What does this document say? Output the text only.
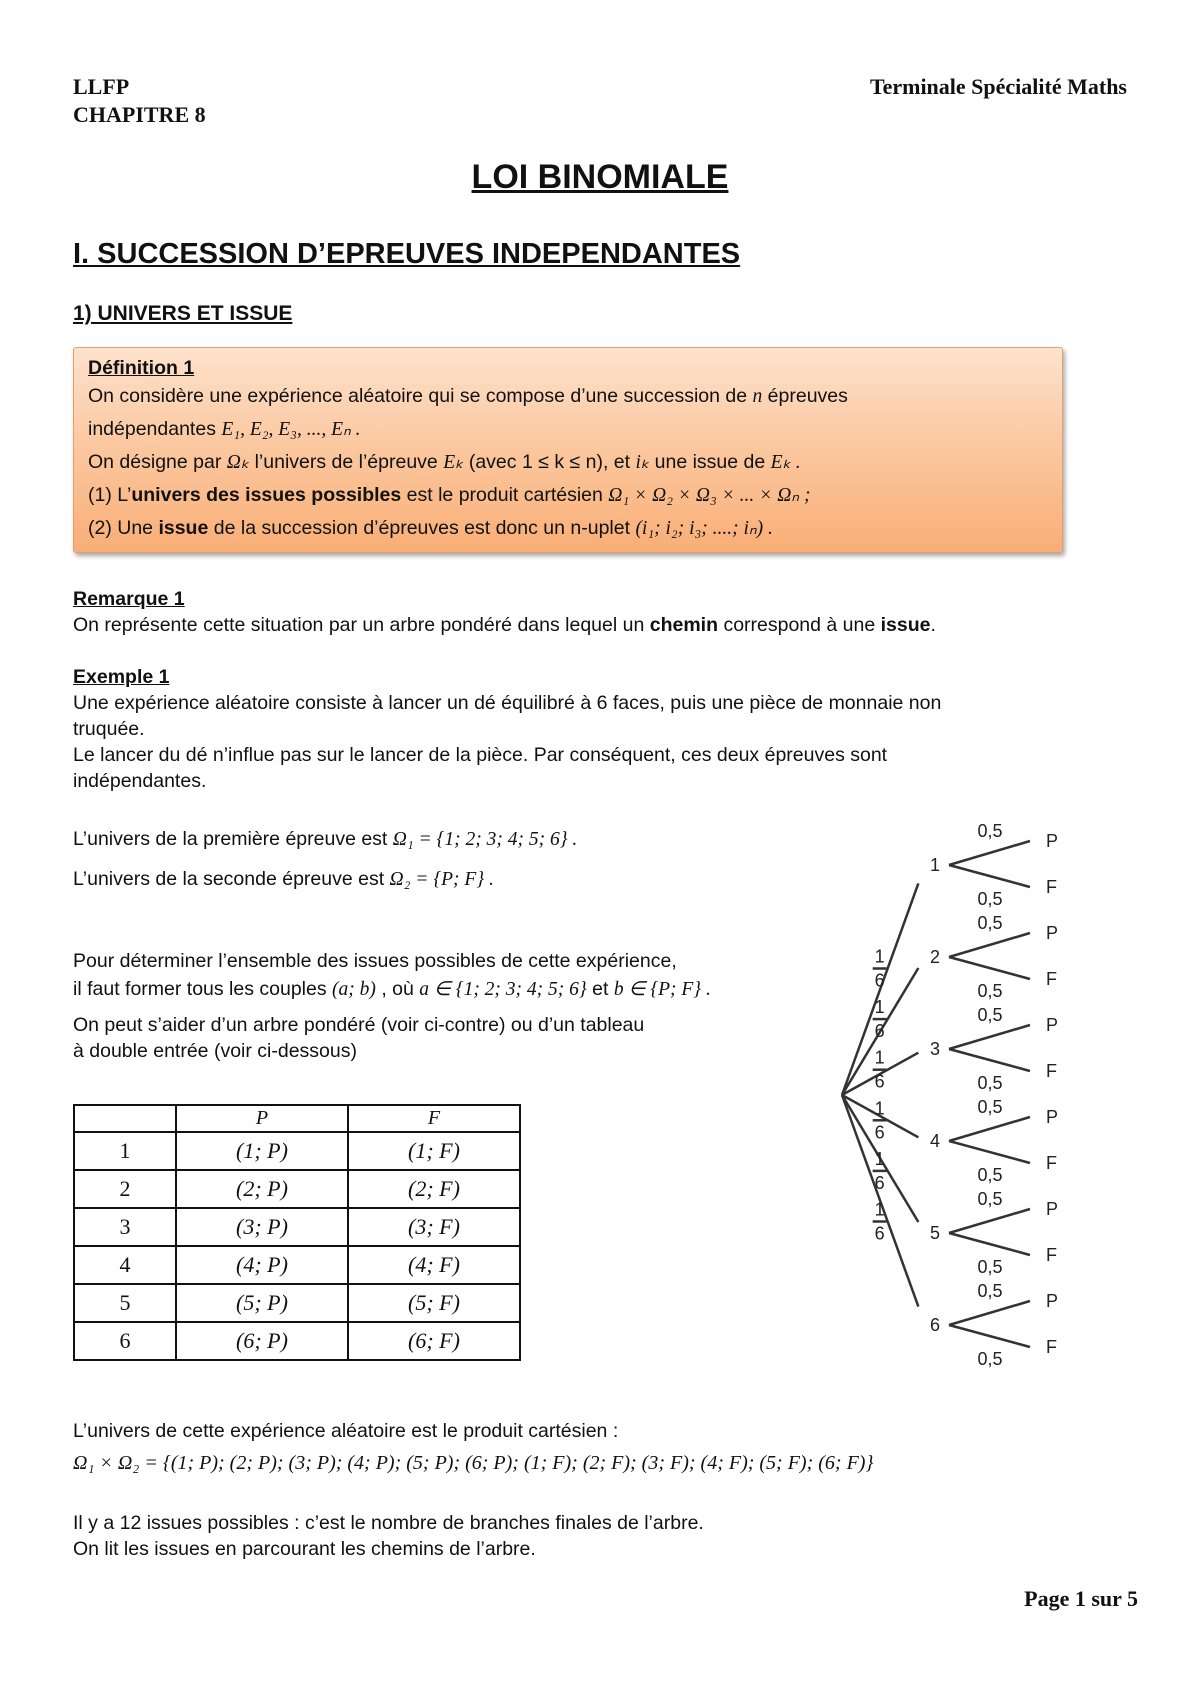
LLFP
CHAPITRE 8
Terminale Spécialité Maths
LOI BINOMIALE
I. SUCCESSION D’EPREUVES INDEPENDANTES
1) UNIVERS ET ISSUE
Définition 1
On considère une expérience aléatoire qui se compose d’une succession de n épreuves
indépendantes E₁, E₂, E₃, ..., Eₙ .
On désigne par Ωₖ l’univers de l’épreuve Eₖ (avec 1 ≤ k ≤ n), et iₖ une issue de Eₖ .
(1) L’univers des issues possibles est le produit cartésien Ω₁ × Ω₂ × Ω₃ × ... × Ωₙ ;
(2) Une issue de la succession d’épreuves est donc un n-uplet (i₁; i₂; i₃; ....; iₙ) .
Remarque 1
On représente cette situation par un arbre pondéré dans lequel un chemin correspond à une issue.
Exemple 1
Une expérience aléatoire consiste à lancer un dé équilibré à 6 faces, puis une pièce de monnaie non
truquée.
Le lancer du dé n’influe pas sur le lancer de la pièce. Par conséquent, ces deux épreuves sont
indépendantes.
L’univers de la première épreuve est Ω₁ = {1; 2; 3; 4; 5; 6} .
L’univers de la seconde épreuve est Ω₂ = {P; F} .
Pour déterminer l’ensemble des issues possibles de cette expérience,
il faut former tous les couples (a; b) , où a ∈ {1; 2; 3; 4; 5; 6} et b ∈ {P; F} .
On peut s’aider d’un arbre pondéré (voir ci-contre) ou d’un tableau
à double entrée (voir ci-dessous)
	P	F
1	(1; P)	(1; F)
2	(2; P)	(2; F)
3	(3; P)	(3; F)
4	(4; P)	(4; F)
5	(5; P)	(5; F)
6	(6; P)	(6; F)
1
1
6
P
0,5
F
0,5
2
1
6
P
0,5
F
0,5
3
1
6
P
0,5
F
0,5
4
1
6
P
0,5
F
0,5
5
1
6
P
0,5
F
0,5
6
1
6
P
0,5
F
0,5
L’univers de cette expérience aléatoire est le produit cartésien :
Ω₁ × Ω₂ = {(1; P); (2; P); (3; P); (4; P); (5; P); (6; P); (1; F); (2; F); (3; F); (4; F); (5; F); (6; F)}
Il y a 12 issues possibles : c’est le nombre de branches finales de l’arbre.
On lit les issues en parcourant les chemins de l’arbre.
Page 1 sur 5
